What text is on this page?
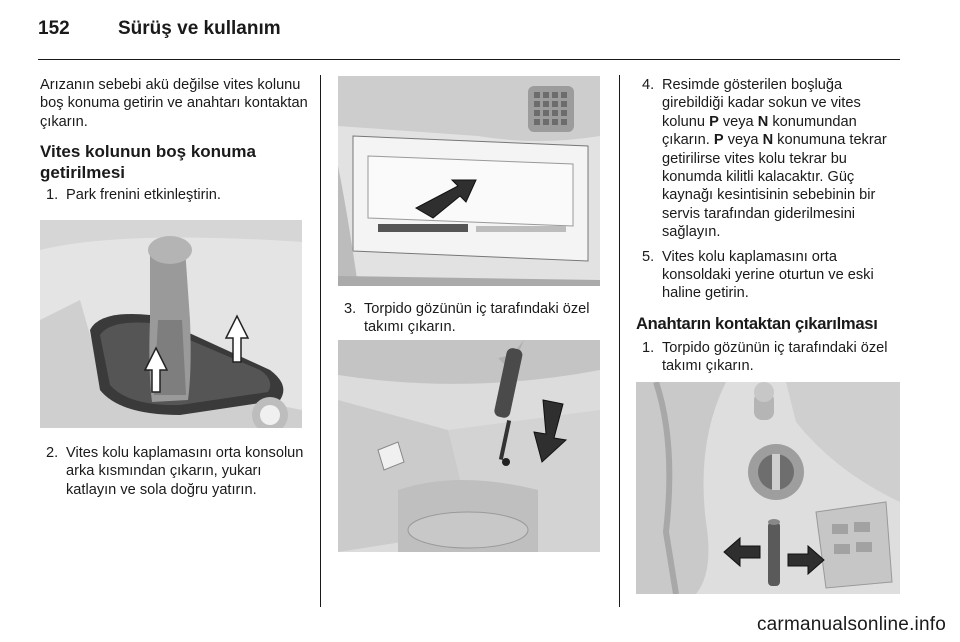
152	Sürüş ve kullanım

Arızanın sebebi akü değilse vites kolunu boş konuma getirin ve anahtarı kontaktan çıkarın.

Vites kolunun boş konuma getirilmesi
1. Park frenini etkinleştirin.
2. Vites kolu kaplamasını orta konsolun arka kısmından çıkarın, yukarı katlayın ve sola doğru yatırın.
3. Torpido gözünün iç tarafındaki özel takımı çıkarın.
4. Resimde gösterilen boşluğa girebildiği kadar sokun ve vites kolunu P veya N konumundan çıkarın. P veya N konumuna tekrar getirilirse vites kolu tekrar bu konumda kilitli kalacaktır. Güç kaynağı kesintisinin sebebinin bir servis tarafından giderilmesini sağlayın.
5. Vites kolu kaplamasını orta konsoldaki yerine oturtun ve eski haline getirin.
Anahtarın kontaktan çıkarılması
1. Torpido gözünün iç tarafındaki özel takımı çıkarın.
carmanualsonline.info
